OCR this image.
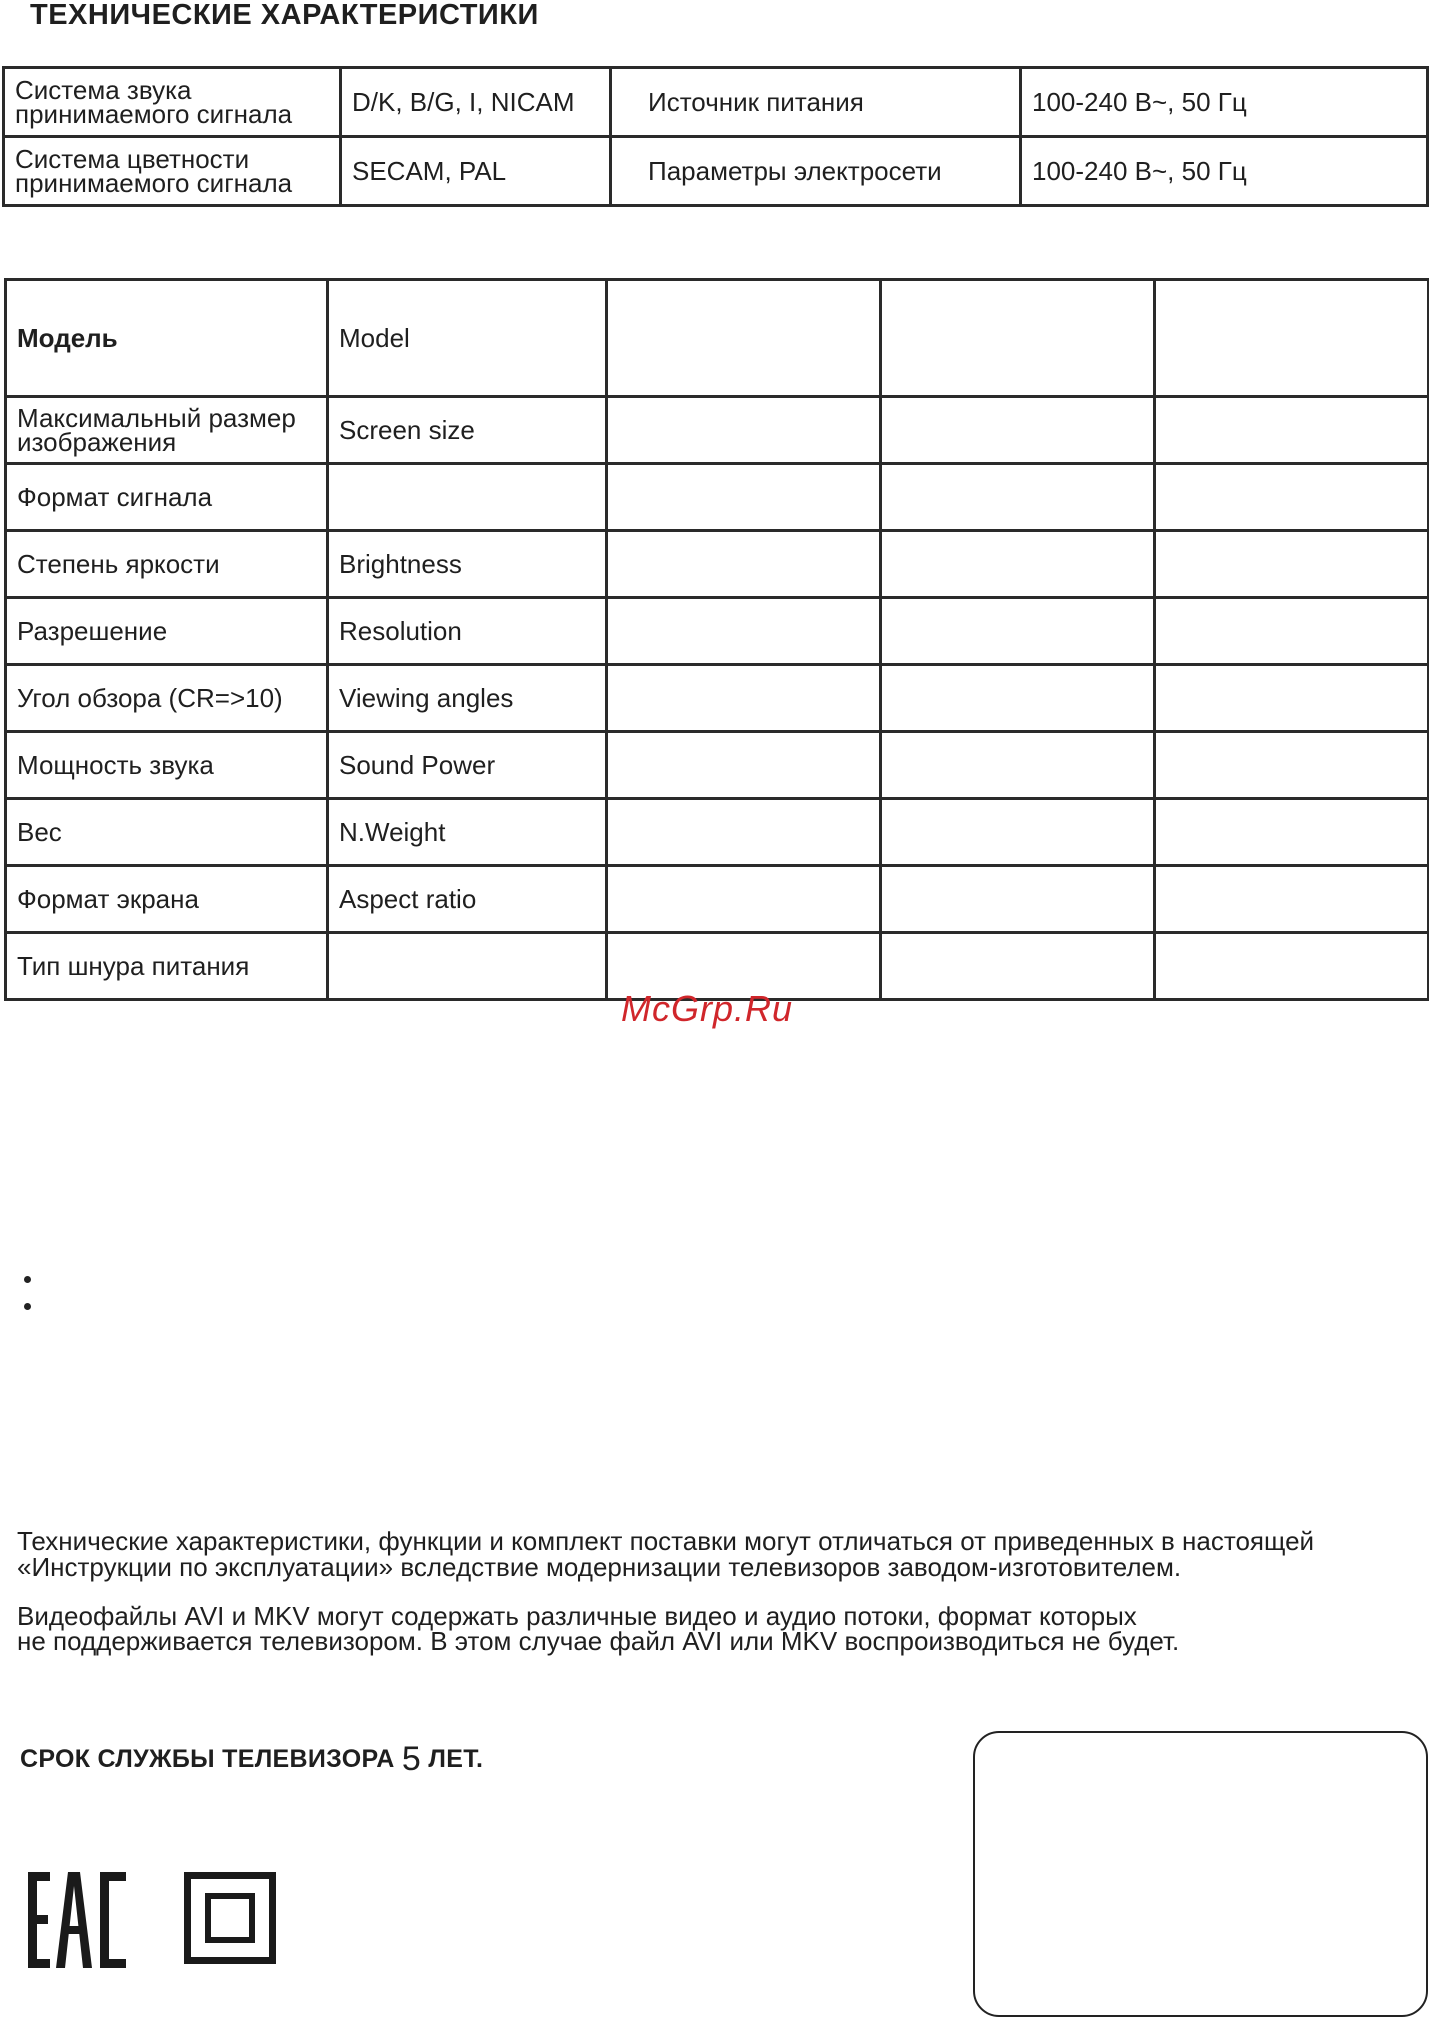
ТЕХНИЧЕСКИЕ ХАРАКТЕРИСТИКИ
Система звука
принимаемого сигнала	D/K, B/G, I, NICAM	Источник питания	100-240 В~, 50 Гц
Система цветности
принимаемого сигнала	SECAM, PAL	Параметры электросети	100-240 В~, 50 Гц
Модель	Model			
Максимальный размер
изображения	Screen size			
Формат сигнала				
Степень яркости	Brightness			
Разрешение	Resolution			
Угол обзора (CR=>10)	Viewing angles			
Мощность звука	Sound Power			
Вес	N.Weight			
Формат экрана	Aspect ratio			
Тип шнура питания				
McGrp.Ru

Технические характеристики, функции и комплект поставки могут отличаться от приведенных в настоящей

«Инструкции по эксплуатации» вследствие модернизации телевизоров заводом-изготовителем.

Видеофайлы AVI и MKV могут содержать различные видео и аудио потоки, формат которых

не поддерживается телевизором. В этом случае файл AVI или MKV воспроизводиться не будет.

СРОК СЛУЖБЫ ТЕЛЕВИЗОРА 5 ЛЕТ.
